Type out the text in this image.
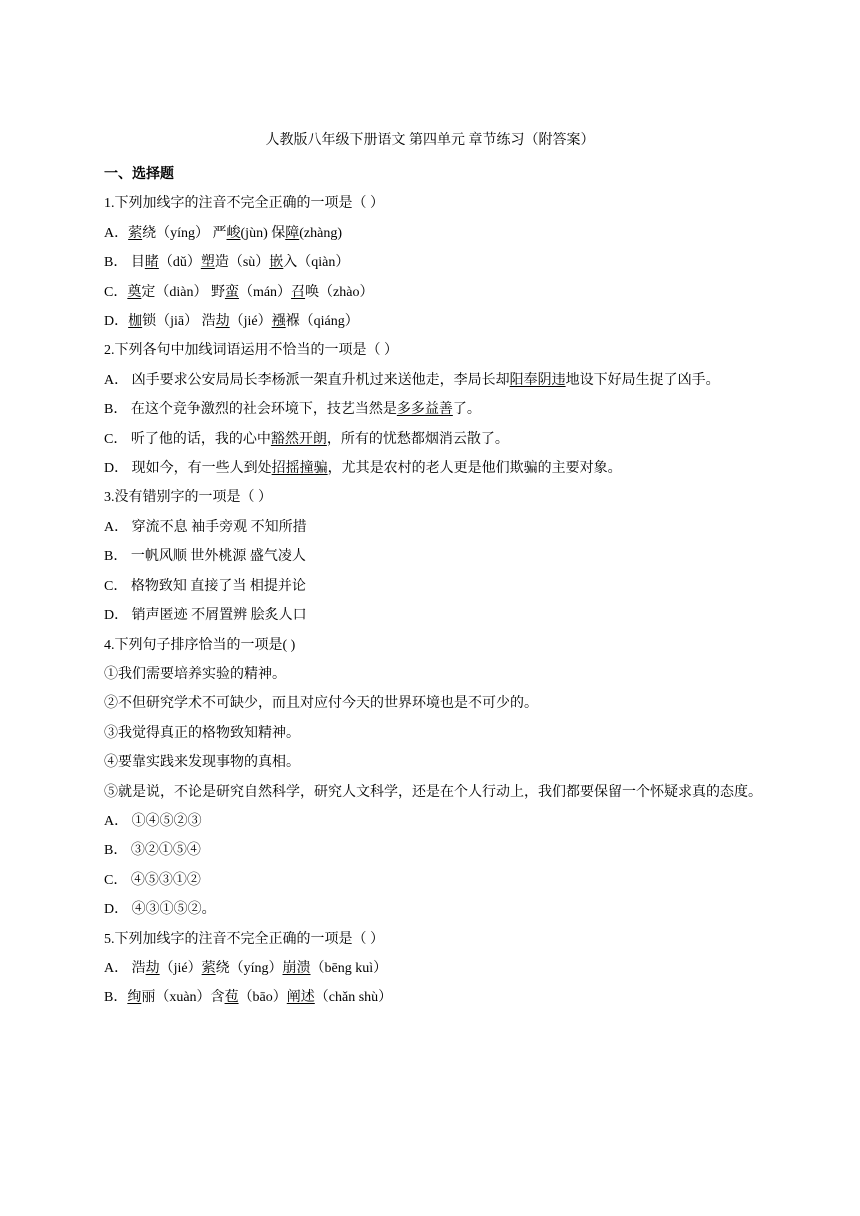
人教版八年级下册语文 第四单元 章节练习（附答案）
一、选择题
1.下列加线字的注音不完全正确的一项是（ ）
A．萦绕（yíng） 严峻(jùn) 保障(zhàng)
B． 目睹（dǔ）塑造（sù）嵌入（qiàn）
C．奠定（diàn） 野蛮（mán）召唤（zhào）
D．枷锁（jiā） 浩劫（jié）襁褓（qiáng）
2.下列各句中加线词语运用不恰当的一项是（ ）
A． 凶手要求公安局局长李杨派一架直升机过来送他走，李局长却阳奉阴违地设下好局生捉了凶手。
B． 在这个竞争激烈的社会环境下，技艺当然是多多益善了。
C． 听了他的话，我的心中豁然开朗，所有的忧愁都烟消云散了。
D． 现如今，有一些人到处招摇撞骗，尤其是农村的老人更是他们欺骗的主要对象。
3.没有错别字的一项是（ ）
A． 穿流不息 袖手旁观 不知所措
B． 一帆风顺 世外桃源 盛气凌人
C． 格物致知 直接了当 相提并论
D． 销声匿迹 不屑置辨 脍炙人口
4.下列句子排序恰当的一项是( )
①我们需要培养实验的精神。
②不但研究学术不可缺少，而且对应付今天的世界环境也是不可少的。
③我觉得真正的格物致知精神。
④要靠实践来发现事物的真相。
⑤就是说，不论是研究自然科学，研究人文科学，还是在个人行动上，我们都要保留一个怀疑求真的态度。
A． ①④⑤②③
B． ③②①⑤④
C． ④⑤③①②
D． ④③①⑤②。
5.下列加线字的注音不完全正确的一项是（ ）
A． 浩劫（jié）萦绕（yíng）崩溃（bēng kuì）
B．绚丽（xuàn）含苞（bāo）阐述（chǎn shù）
